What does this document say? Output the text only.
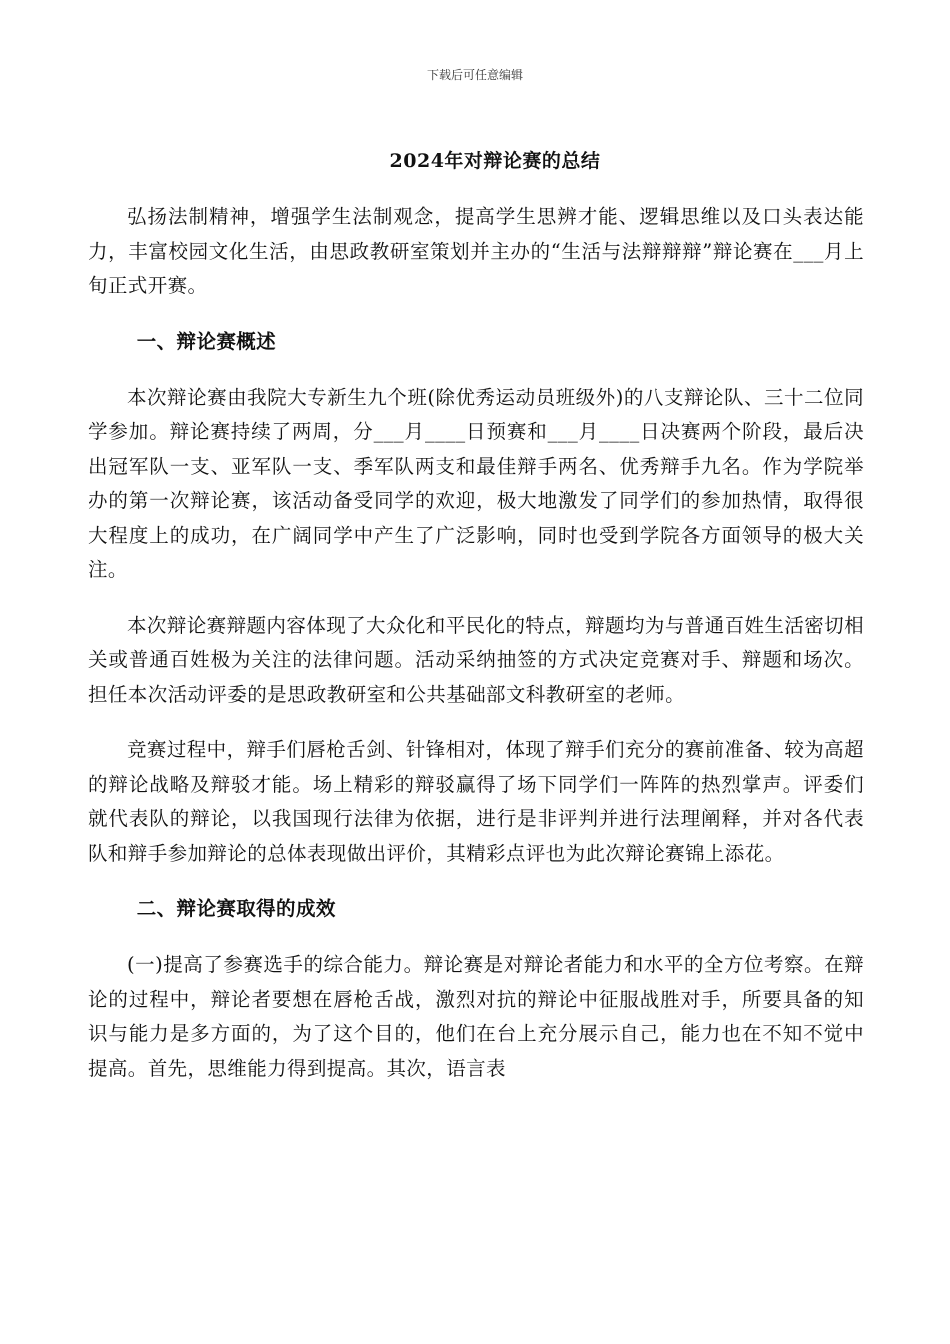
下载后可任意编辑
2024年对辩论赛的总结

弘扬法制精神，增强学生法制观念，提高学生思辨才能、逻辑思维以及口头表达能力，丰富校园文化生活，由思政教研室策划并主办的“生活与法辩辩辩”辩论赛在___月上旬正式开赛。

一、辩论赛概述

本次辩论赛由我院大专新生九个班(除优秀运动员班级外)的八支辩论队、三十二位同学参加。辩论赛持续了两周，分___月____日预赛和___月____日决赛两个阶段，最后决出冠军队一支、亚军队一支、季军队两支和最佳辩手两名、优秀辩手九名。作为学院举办的第一次辩论赛，该活动备受同学的欢迎，极大地激发了同学们的参加热情，取得很大程度上的成功，在广阔同学中产生了广泛影响，同时也受到学院各方面领导的极大关注。

本次辩论赛辩题内容体现了大众化和平民化的特点，辩题均为与普通百姓生活密切相关或普通百姓极为关注的法律问题。活动采纳抽签的方式决定竞赛对手、辩题和场次。担任本次活动评委的是思政教研室和公共基础部文科教研室的老师。

竞赛过程中，辩手们唇枪舌剑、针锋相对，体现了辩手们充分的赛前准备、较为高超的辩论战略及辩驳才能。场上精彩的辩驳赢得了场下同学们一阵阵的热烈掌声。评委们就代表队的辩论，以我国现行法律为依据，进行是非评判并进行法理阐释，并对各代表队和辩手参加辩论的总体表现做出评价，其精彩点评也为此次辩论赛锦上添花。

二、辩论赛取得的成效

(一)提高了参赛选手的综合能力。辩论赛是对辩论者能力和水平的全方位考察。在辩论的过程中，辩论者要想在唇枪舌战，激烈对抗的辩论中征服战胜对手，所要具备的知识与能力是多方面的，为了这个目的，他们在台上充分展示自己，能力也在不知不觉中提高。首先，思维能力得到提高。其次，语言表
